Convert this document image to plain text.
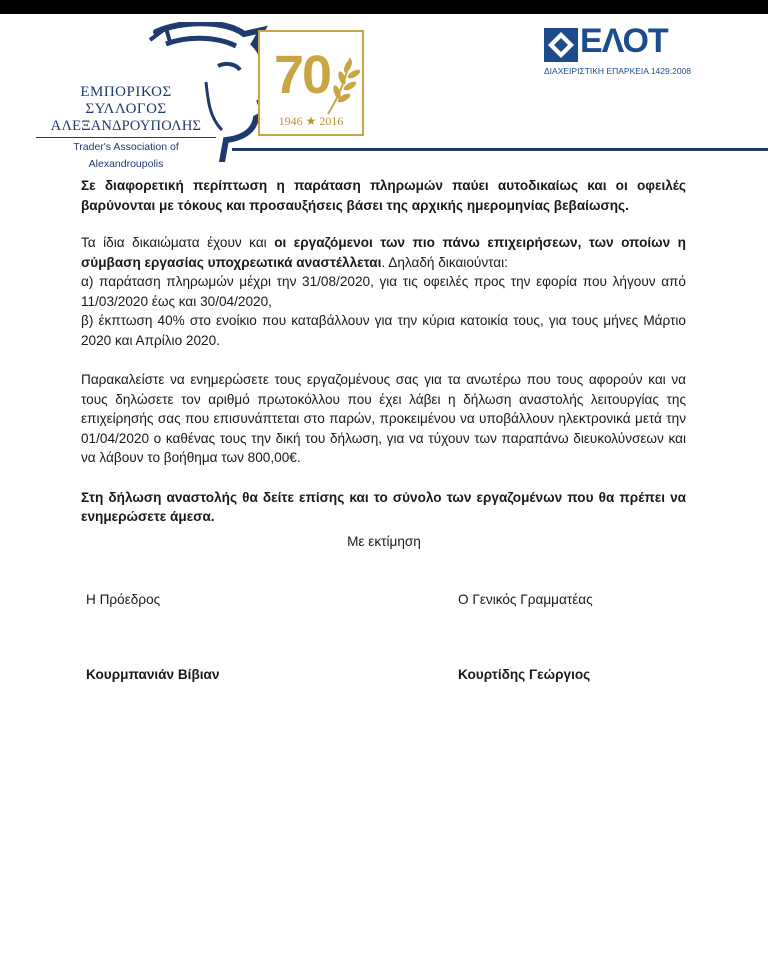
ΕΜΠΟΡΙΚΟΣ
ΣΥΛΛΟΓΟΣ
ΑΛΕΞΑΝΔΡΟΥΠΟΛΗΣ
Trader's Association of Alexandroupolis
70
1946 ★ 2016
ΕΛΟΤ
ΔΙΑΧΕΙΡΙΣΤΙΚΗ ΕΠΑΡΚΕΙΑ 1429:2008

Σε διαφορετική περίπτωση η παράταση πληρωμών παύει αυτοδικαίως και οι οφειλές βαρύνονται με τόκους και προσαυξήσεις βάσει της αρχικής ημερομηνίας βεβαίωσης.

Τα ίδια δικαιώματα έχουν και οι εργαζόμενοι των πιο πάνω επιχειρήσεων, των οποίων η σύμβαση εργασίας υποχρεωτικά αναστέλλεται. Δηλαδή δικαιούνται:

α) παράταση πληρωμών μέχρι την 31/08/2020, για τις οφειλές προς την εφορία που λήγουν από 11/03/2020 έως και 30/04/2020,

β) έκπτωση 40% στο ενοίκιο που καταβάλλουν για την κύρια κατοικία τους, για τους μήνες Μάρτιο 2020 και Απρίλιο 2020.

Παρακαλείστε να ενημερώσετε τους εργαζομένους σας για τα ανωτέρω που τους αφορούν και να τους δηλώσετε τον αριθμό πρωτοκόλλου που έχει λάβει η δήλωση αναστολής λειτουργίας της επιχείρησής σας που επισυνάπτεται στο παρών, προκειμένου να υποβάλλουν ηλεκτρονικά μετά την 01/04/2020 ο καθένας τους την δική του δήλωση, για να τύχουν των παραπάνω διευκολύνσεων και να λάβουν το βοήθημα των 800,00€.

Στη δήλωση αναστολής θα δείτε επίσης και το σύνολο των εργαζομένων που θα πρέπει να ενημερώσετε άμεσα.

Με εκτίμηση
Η Πρόεδρος	Ο Γενικός Γραμματέας
Κουρμπανιάν Βίβιαν	Κουρτίδης Γεώργιος
